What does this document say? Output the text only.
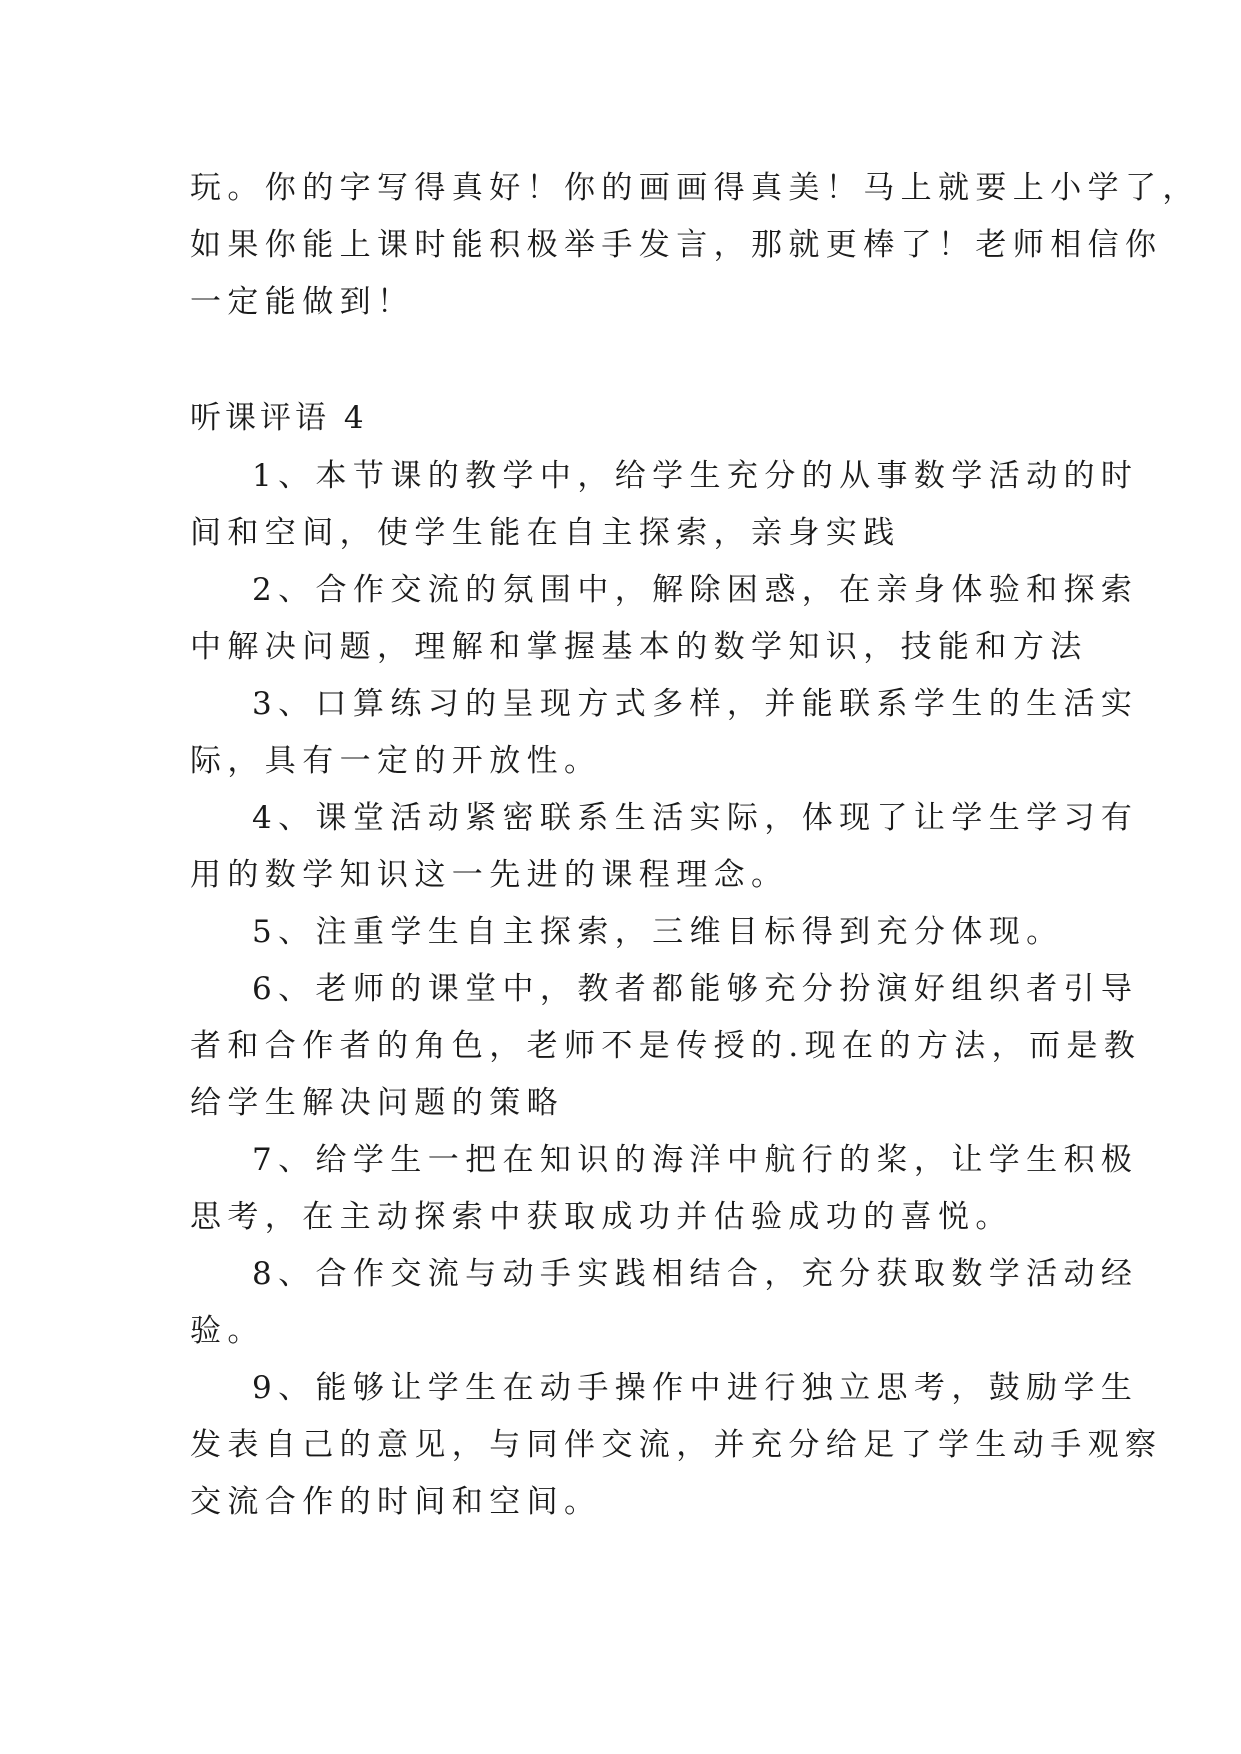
玩。你的字写得真好！你的画画得真美！马上就要上小学了，
如果你能上课时能积极举手发言，那就更棒了！老师相信你
一定能做到！
听课评语 4
1、本节课的教学中，给学生充分的从事数学活动的时
间和空间，使学生能在自主探索，亲身实践
2、合作交流的氛围中，解除困惑，在亲身体验和探索
中解决问题，理解和掌握基本的数学知识，技能和方法
3、口算练习的呈现方式多样，并能联系学生的生活实
际，具有一定的开放性。
4、课堂活动紧密联系生活实际，体现了让学生学习有
用的数学知识这一先进的课程理念。
5、注重学生自主探索，三维目标得到充分体现。
6、老师的课堂中，教者都能够充分扮演好组织者引导
者和合作者的角色，老师不是传授的.现在的方法，而是教
给学生解决问题的策略
7、给学生一把在知识的海洋中航行的桨，让学生积极
思考，在主动探索中获取成功并估验成功的喜悦。
8、合作交流与动手实践相结合，充分获取数学活动经
验。
9、能够让学生在动手操作中进行独立思考，鼓励学生
发表自己的意见，与同伴交流，并充分给足了学生动手观察
交流合作的时间和空间。
